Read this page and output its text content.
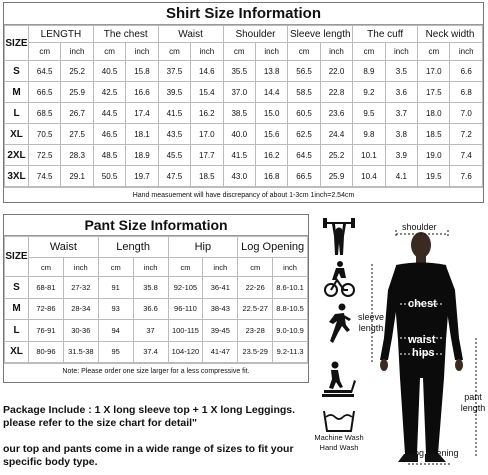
Shirt Size Information
SIZE	LENGTH		The chest		Waist		Shoulder		Sleeve length		The cuff		Neck width	
	cm	inch	cm	inch	cm	inch	cm	inch	cm	inch	cm	inch	cm	inch
S	64.5	25.2	40.5	15.8	37.5	14.6	35.5	13.8	56.5	22.0	8.9	3.5	17.0	6.6
M	66.5	25.9	42.5	16.6	39.5	15.4	37.0	14.4	58.5	22.8	9.2	3.6	17.5	6.8
L	68.5	26.7	44.5	17.4	41.5	16.2	38.5	15.0	60.5	23.6	9.5	3.7	18.0	7.0
XL	70.5	27.5	46.5	18.1	43.5	17.0	40.0	15.6	62.5	24.4	9.8	3.8	18.5	7.2
2XL	72.5	28.3	48.5	18.9	45.5	17.7	41.5	16.2	64.5	25.2	10.1	3.9	19.0	7.4
3XL	74.5	29.1	50.5	19.7	47.5	18.5	43.0	16.8	66.5	25.9	10.4	4.1	19.5	7.6
Hand measuement will have discrepancy of about 1-3cm 1inch=2.54cm
Pant Size Information
SIZE	Waist		Length		Hip		Log Opening	
	cm	inch	cm	inch	cm	inch	cm	inch
S	68-81	27-32	91	35.8	92-105	36-41	22-26	8.6-10.1
M	72-86	28-34	93	36.6	96-110	38-43	22.5-27	8.8-10.5
L	76-91	30-36	94	37	100-115	39-45	23-28	9.0-10.9
XL	80-96	31.5-38	95	37.4	104-120	41-47	23.5-29	9.2-11.3
Note: Please order one size larger for a less compressive fit.
Package Include : 1 X long sleeve top + 1 X long Leggings.
please refer to the size chart for detail"
our top and pants come in a wide range of sizes to fit your
specific body type.
Machine Wash
Hand Wash
shoulder
chest
sleeve
length
waist
hips
pant
length
log opening
